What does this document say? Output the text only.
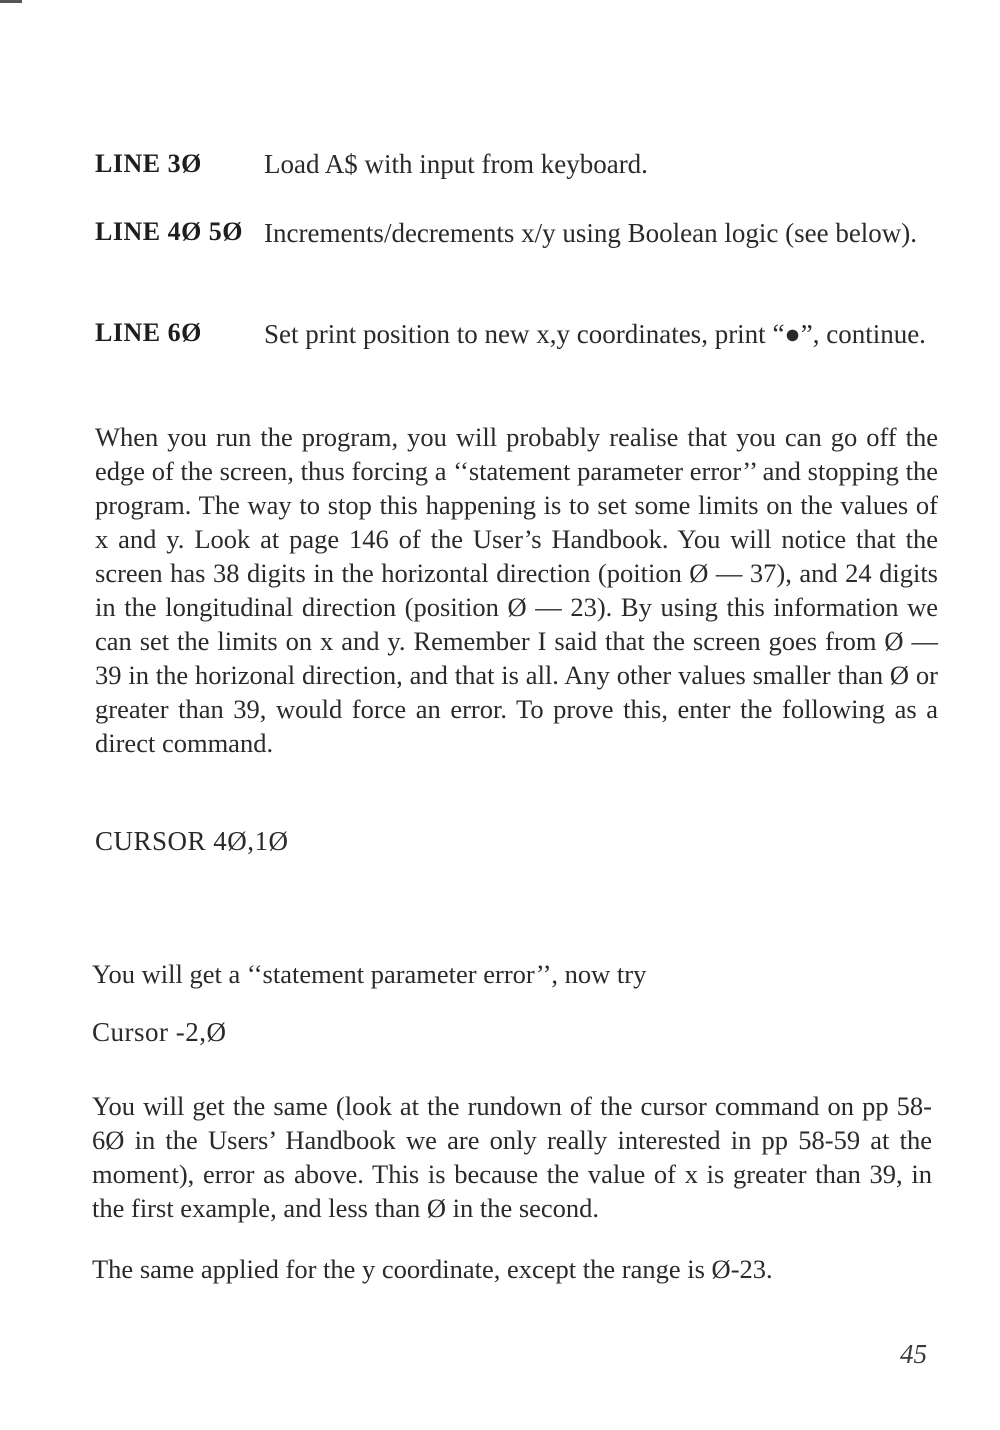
LINE 3Ø Load A$ with input from keyboard.
LINE 4Ø 5Ø Increments/decrements x/y using Boolean logic (see below).
LINE 6Ø Set print position to new x,y coordinates, print “●”, continue.
When you run the program, you will probably realise that you can go off the edge of the screen, thus forcing a ‘‘statement parameter error’’ and stopping the program. The way to stop this happening is to set some limits on the values of x and y. Look at page 146 of the User’s Handbook. You will notice that the screen has 38 digits in the horizontal direction (poition Ø — 37), and 24 digits in the longitudinal direction (position Ø — 23). By using this information we can set the limits on x and y. Remember I said that the screen goes from Ø — 39 in the horizonal direction, and that is all. Any other values smaller than Ø or greater than 39, would force an error. To prove this, enter the following as a direct command.
CURSOR 4Ø,1Ø
You will get a ‘‘statement parameter error’’, now try
Cursor -2,Ø
You will get the same (look at the rundown of the cursor command on pp 58-6Ø in the Users’ Handbook we are only really interested in pp 58-59 at the moment), error as above. This is because the value of x is greater than 39, in the first example, and less than Ø in the second.
The same applied for the y coordinate, except the range is Ø-23.
45
